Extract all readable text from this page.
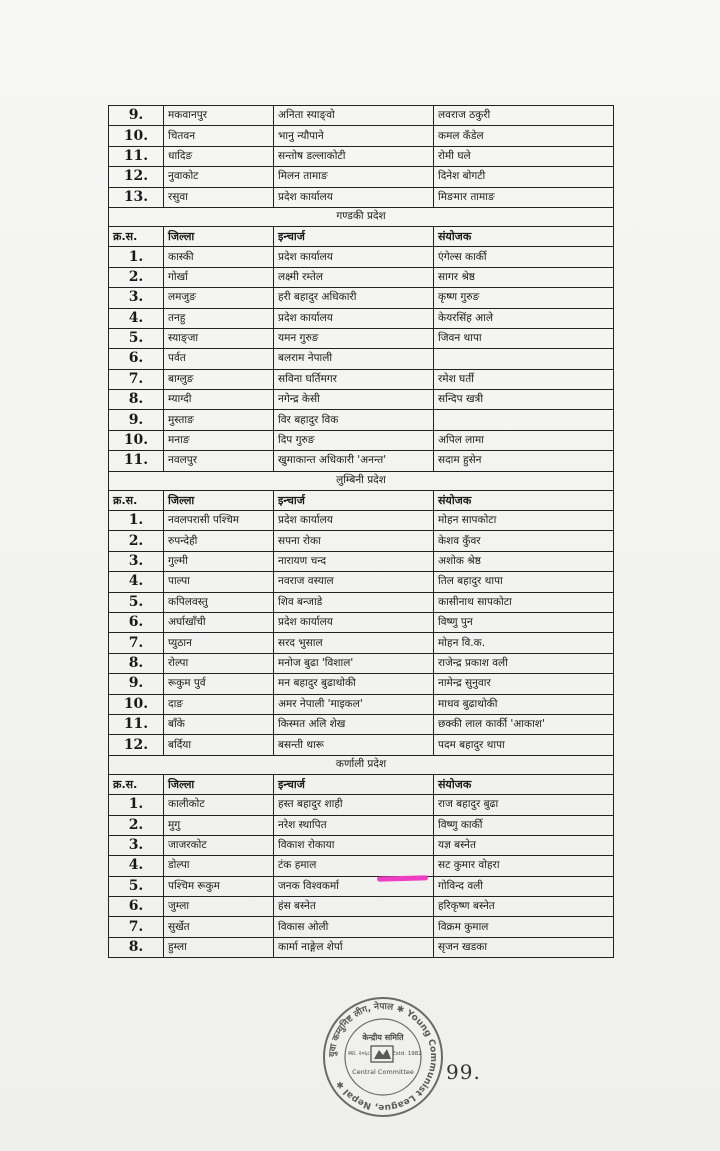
9.	मकवानपुर	अनिता स्याङ्वो	लवराज ठकुरी
10.	चितवन	भानु न्यौपाने	कमल कँडेल
11.	धादिङ	सन्तोष डल्लाकोटी	रोमी घले
12.	नुवाकोट	मिलन तामाङ	दिनेश बोगटी
13.	रसुवा	प्रदेश कार्यालय	मिङमार तामाङ
गण्डकी प्रदेश			
क्र.स.	जिल्ला	इन्चार्ज	संयोजक
1.	कास्की	प्रदेश कार्यालय	एंगेल्स कार्की
2.	गोर्खा	लक्ष्मी रम्तेल	सागर श्रेष्ठ
3.	लमजुङ	हरी बहादुर अधिकारी	कृष्ण गुरुङ
4.	तनहु	प्रदेश कार्यालय	केयरसिंह आले
5.	स्याङ्जा	यमन गुरुङ	जिवन थापा
6.	पर्वत	बलराम नेपाली	
7.	बाग्लुङ	सविना घर्तिमगर	रमेश घर्ती
8.	म्याग्दी	नगेन्द्र केसी	सन्दिप खत्री
9.	मुस्ताङ	विर बहादुर विक	
10.	मनाङ	दिप गुरुङ	अपिल लामा
11.	नवलपुर	खुमाकान्त अधिकारी 'अनन्त'	सदाम हुसेन
लुम्बिनी प्रदेश			
क्र.स.	जिल्ला	इन्चार्ज	संयोजक
1.	नवलपरासी पश्चिम	प्रदेश कार्यालय	मोहन सापकोटा
2.	रुपन्देही	सपना रोका	केशव कुँवर
3.	गुल्मी	नारायण चन्द	अशोक श्रेष्ठ
4.	पाल्पा	नवराज वस्याल	तिल बहादुर थापा
5.	कपिलवस्तु	शिव बन्जाडे	कासीनाथ सापकोटा
6.	अर्घाखाँची	प्रदेश कार्यालय	विष्णु पुन
7.	प्युठान	सरद भुसाल	मोहन वि.क.
8.	रोल्पा	मनोज बुढा 'विशाल'	राजेन्द्र प्रकाश वली
9.	रूकुम पुर्व	मन बहादुर बुढाथोकी	नामेन्द्र सुनुवार
10.	दाङ	अमर नेपाली 'माइकल'	माधव बुढाथोकी
11.	बाँके	किस्मत अलि शेख	छक्की लाल कार्की 'आकाश'
12.	बर्दिया	बसन्ती थारू	पदम बहादुर थापा
कर्णाली प्रदेश			
क्र.स.	जिल्ला	इन्चार्ज	संयोजक
1.	कालीकोट	हस्त बहादुर शाही	राज बहादुर बुढा
2.	मुगु	नरेश स्थापित	विष्णु कार्की
3.	जाजरकोट	विकाश रोकाया	यज्ञ बस्नेत
4.	डोल्पा	टंक हमाल	सट कुमार वोहरा
5.	पश्चिम रूकुम	जनक विश्वकर्मा	गोविन्द वली
6.	जुम्ला	हंस बस्नेत	हरिकृष्ण बस्नेत
7.	सुर्खेत	विकास ओली	विक्रम कुमाल
8.	हुम्ला	कार्मा नाङ्गेल शेर्पा	सृजन खडका
युवा कम्युनिष्ट लीग, नेपाल ✱ Young Communist League, Nepal ✱
केन्द्रीय समिति
स्था. २०६८	Estd. 1982
Central Committee 99.
